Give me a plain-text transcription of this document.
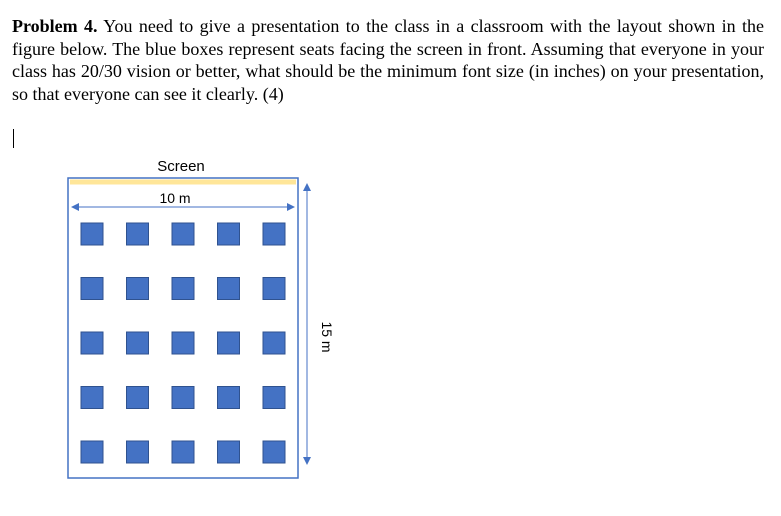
Problem 4. You need to give a presentation to the class in a classroom with the layout shown in the figure below. The blue boxes represent seats facing the screen in front. Assuming that everyone in your class has 20/30 vision or better, what should be the minimum font size (in inches) on your presentation, so that everyone can see it clearly. (4)

Screen
10 m
15 m
